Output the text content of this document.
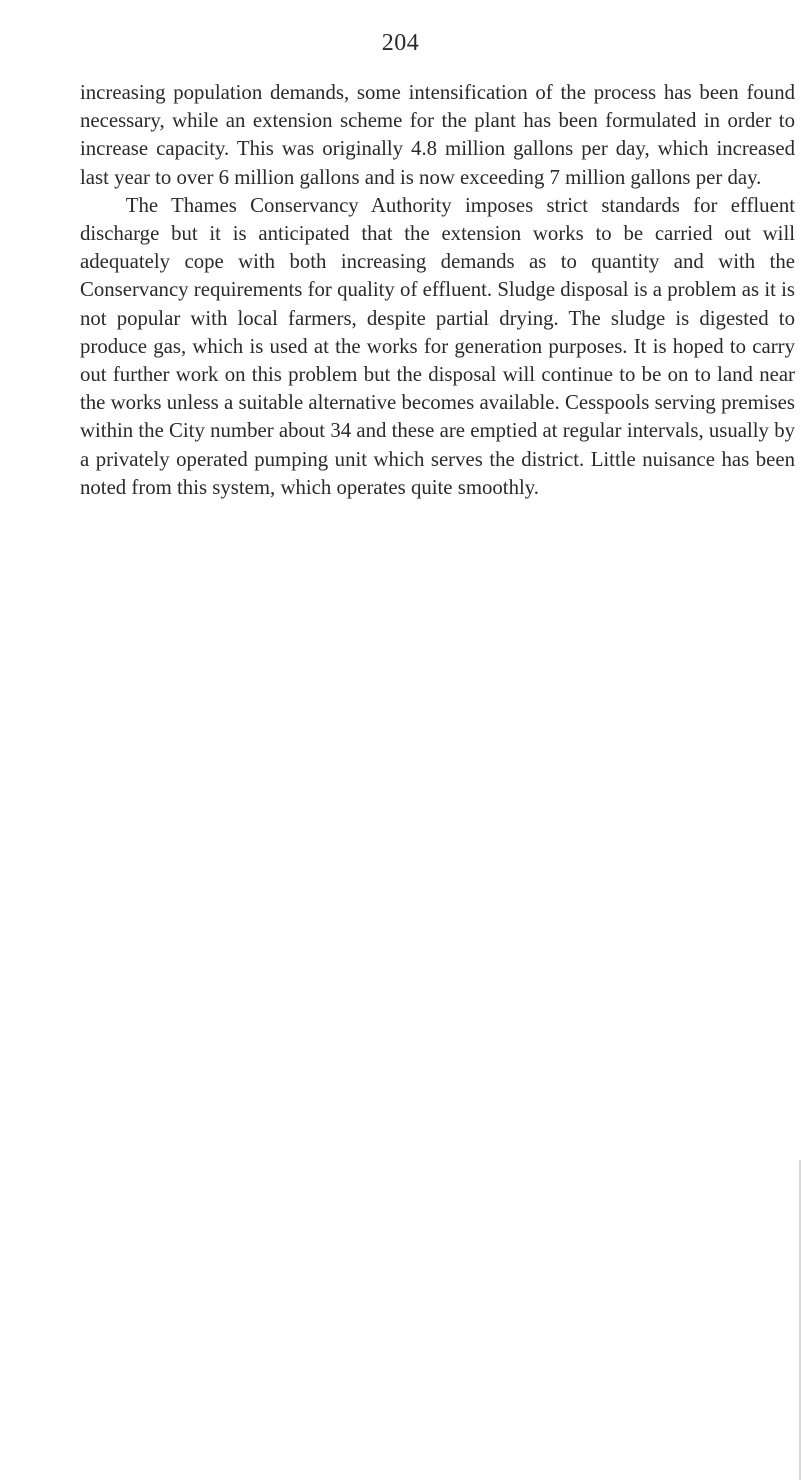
204

increasing population demands, some intensification of the process has been found necessary, while an extension scheme for the plant has been formulated in order to increase capacity. This was originally 4.8 million gallons per day, which increased last year to over 6 million gallons and is now exceeding 7 million gallons per day.

The Thames Conservancy Authority imposes strict standards for effluent discharge but it is anticipated that the extension works to be carried out will adequately cope with both increasing demands as to quantity and with the Conservancy requirements for quality of effluent. Sludge disposal is a problem as it is not popular with local farmers, despite partial drying. The sludge is digested to produce gas, which is used at the works for generation purposes. It is hoped to carry out further work on this problem but the disposal will continue to be on to land near the works unless a suitable alternative becomes available. Cesspools serving premises within the City number about 34 and these are emptied at regular intervals, usually by a privately operated pumping unit which serves the district. Little nuisance has been noted from this system, which operates quite smoothly.
